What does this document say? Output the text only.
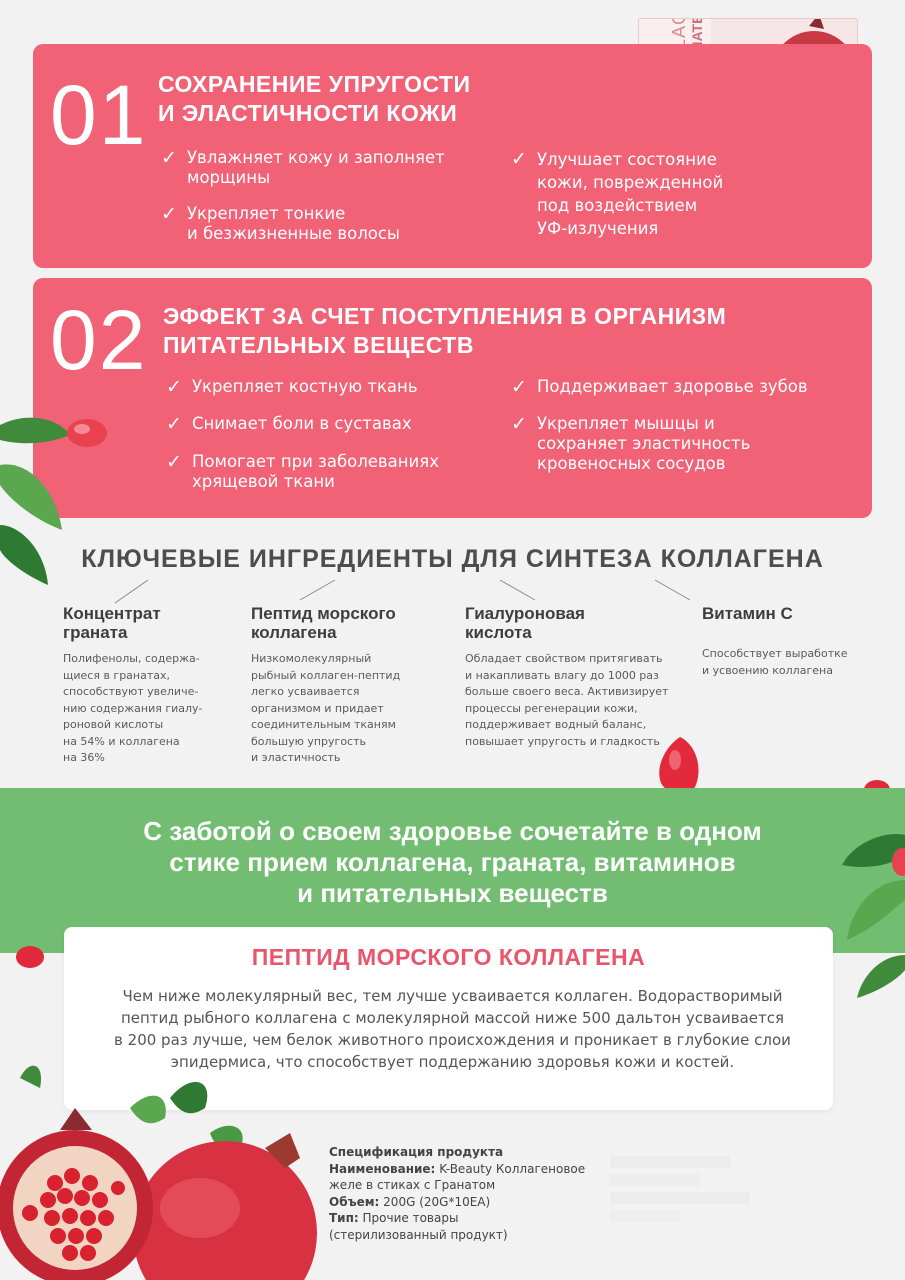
01 СОХРАНЕНИЕ УПРУГОСТИ
И ЭЛАСТИЧНОСТИ КОЖИ
✓ Увлажняет кожу и заполняет
морщины
✓ Укрепляет тонкие
и безжизненные волосы
✓ Улучшает состояние
кожи, поврежденной
под воздействием
УФ-излучения
02 ЭФФЕКТ ЗА СЧЕТ ПОСТУПЛЕНИЯ В ОРГАНИЗМ
ПИТАТЕЛЬНЫХ ВЕЩЕСТВ
✓ Укрепляет костную ткань
✓ Снимает боли в суставах
✓ Помогает при заболеваниях
хрящевой ткани
✓ Поддерживает здоровье зубов
✓ Укрепляет мышцы и
сохраняет эластичность
кровеносных сосудов
КЛЮЧЕВЫЕ ИНГРЕДИЕНТЫ ДЛЯ СИНТЕЗА КОЛЛАГЕНА
Концентрат
граната
Полифенолы, содержа-
щиеся в гранатах,
способствуют увеличе-
нию содержания гиалу-
роновой кислоты
на 54% и коллагена
на 36%
Пептид морского
коллагена
Низкомолекулярный
рыбный коллаген-пептид
легко усваивается
организмом и придает
соединительным тканям
большую упругость
и эластичность
Гиалуроновая
кислота
Обладает свойством притягивать
и накапливать влагу до 1000 раз
больше своего веса. Активизирует
процессы регенерации кожи,
поддерживает водный баланс,
повышает упругость и гладкость
Витамин С
Способствует выработке
и усвоению коллагена
С заботой о своем здоровье сочетайте в одном
стике прием коллагена, граната, витаминов
и питательных веществ
ПЕПТИД МОРСКОГО КОЛЛАГЕНА
Чем ниже молекулярный вес, тем лучше усваивается коллаген. Водорастворимый
пептид рыбного коллагена с молекулярной массой ниже 500 дальтон усваивается
в 200 раз лучше, чем белок животного происхождения и проникает в глубокие слои
эпидермиса, что способствует поддержанию здоровья кожи и костей.
Спецификация продукта
Наименование: K-Beauty Коллагеновое
желе в стиках с Гранатом
Объем: 200G (20G*10EA)
Тип: Прочие товары
(стерилизованный продукт)
